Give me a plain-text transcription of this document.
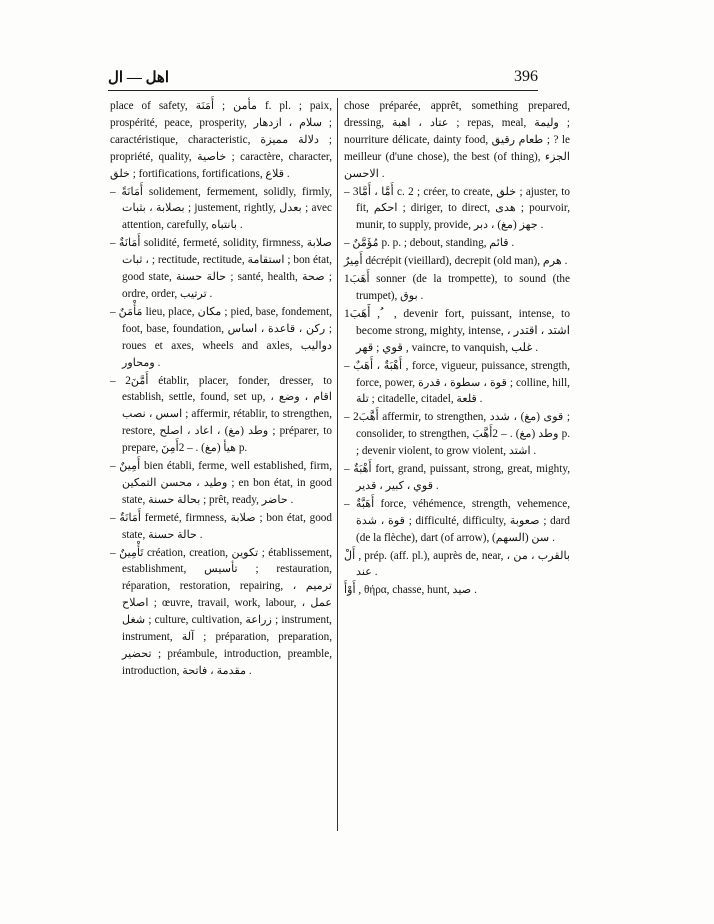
ﺍﻫﻞ — ﺍﻝ	396

place of safety, مأمن ; أَمَنَة f. pl. ; paix, prospérité, peace, prosperity, سلام ، ازدهار ; caractéristique, characteristic, دلالة مميزة ; propriété, quality, خاصية ; caractère, character, خلق ; fortifications, fortifications, قلاع .

– أَمَانَةً solidement, fermement, solidly, firmly, بصلابة ، بثبات ; justement, rightly, بعدل ; avec attention, carefully, بانتباه .

– أَمَانَةٌ solidité, fermeté, solidity, firmness, صلابة ، ثبات ; rectitude, rectitude, استقامة ; bon état, good state, حالة حسنة ; santé, health, صحة ; ordre, order, ترتيب .

– مَأْمَنٌ lieu, place, مكان ; pied, base, fondement, foot, base, foundation, ركن ، قاعدة ، اساس ; roues et axes, wheels and axles, دواليب ومحاور .

– 2أَمَّنَ établir, placer, fonder, dresser, to establish, settle, found, set up, اقام ، وضع ، اسس ، نصب ; affermir, rétablir, to strengthen, restore, وطد (مغ) ، اعاد ، اصلح ; préparer, to prepare, هيأ (مغ) . – 2أَمِنَ p.

– أَمِينٌ bien établi, ferme, well established, firm, وطيد ، محسن التمكين ; en bon état, in good state, بحالة حسنة ; prêt, ready, حاضر .

– أَمَانَةٌ fermeté, firmness, صلابة ; bon état, good state, حالة حسنة .

– تَأْمِينٌ création, creation, تكوين ; établissement, establishment, تأسيس ; restauration, réparation, restoration, repairing, ترميم ، اصلاح ; œuvre, travail, work, labour, عمل ، شغل ; culture, cultivation, زراعة ; instrument, instrument, آلة ; préparation, preparation, تحضير ; préambule, introduction, preamble, introduction, مقدمة ، فاتحة .

chose préparée, apprêt, something prepared, dressing, عتاد ، اهبة ; repas, meal, وليمة ; nourriture délicate, dainty food, طعام رقيق ; ? le meilleur (d'une chose), the best (of thing), الجزء الاحسن .

– 3أَمَّا ، أَمَّا c. 2 ; créer, to create, خلق ; ajuster, to fit, احكم ; diriger, to direct, هدى ; pourvoir, munir, to supply, provide, جهز (مغ) ، دبر .

– مُؤَمَّنٌ p. p. ; debout, standing, قائم .

أَمِيرٌ décrépit (vieillard), decrepit (old man), هرم .

1أَهَبَ sonner (de la trompette), to sound (the trumpet), بوق .

1أَهَبَ , ُ , devenir fort, puissant, intense, to become strong, mighty, intense, اشتد ، اقتدر ، قوي ; قهر , vaincre, to vanquish, غلب .

– أَهْبَةٌ ، أَهَبٌ , force, vigueur, puissance, strength, force, power, قوة ، سطوة ، قدرة ; colline, hill, تلة ; citadelle, citadel, قلعة .

– 2أَهَّبَ affermir, to strengthen, قوى (مغ) ، شدد ; consolider, to strengthen, وطد (مغ) . – 2أَهَّبَ p. ; devenir violent, to grow violent, اشتد .

– أَهْبَةٌ fort, grand, puissant, strong, great, mighty, قوي ، كبير ، قدير .

– أَهَبَّةٌ force, véhémence, strength, vehemence, قوة ، شدة ; difficulté, difficulty, صعوبة ; dard (de la flèche), dart (of arrow), سن (السهم) .

أَلْ , prép. (aff. pl.), auprès de, near, بالقرب ، من ، عند .

أَوْأَ , θήρα, chasse, hunt, صيد .
